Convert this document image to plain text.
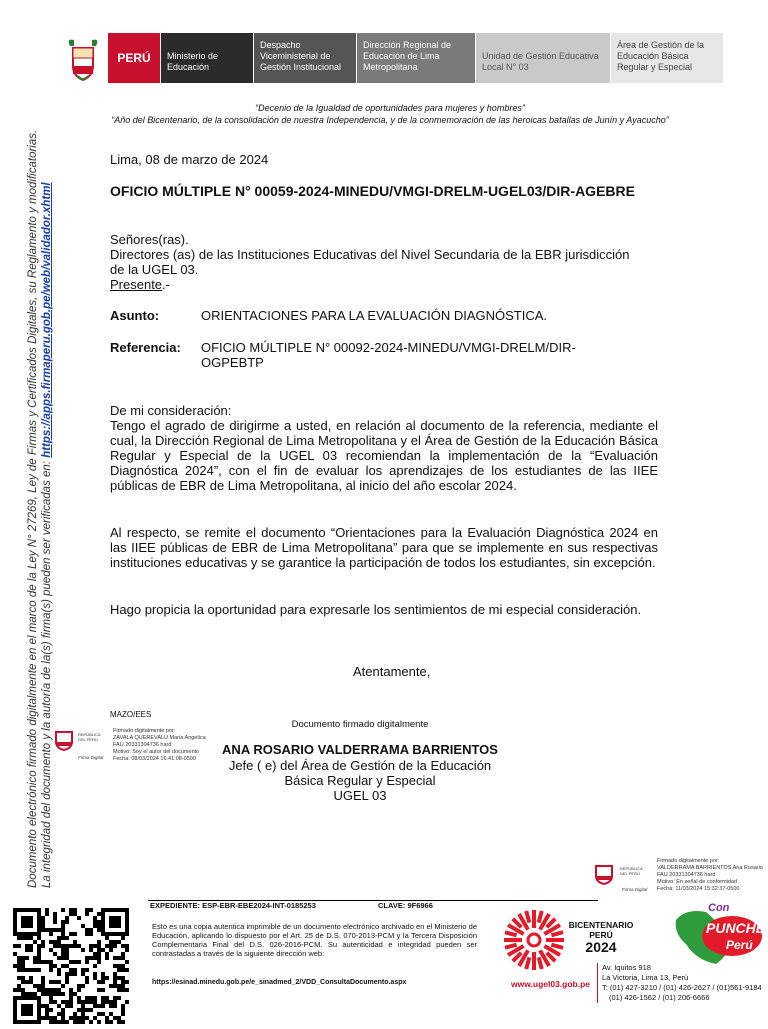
PERÚ	Ministerio de Educación
Despacho Viceministerial de Gestión Institucional
Dirección Regional de Educación de Lima Metropolitana
Unidad de Gestión Educativa Local N° 03
Área de Gestión de la Educación Básica Regular y Especial
“Decenio de la Igualdad de oportunidades para mujeres y hombres”
“Año del Bicentenario, de la consolidación de nuestra Independencia, y de la conmemoración de las heroicas batallas de Junín y Ayacucho”
Documento electrónico firmado digitalmente en el marco de la Ley N° 27269, Ley de Firmas y Certificados Digitales, su Reglamento y modificatorias. La integridad del documento y la autoría de la(s) firma(s) pueden ser verificadas en: https://apps.firmaperu.gob.pe/web/validador.xhtml
Lima, 08 de marzo de 2024
OFICIO MÚLTIPLE N° 00059-2024-MINEDU/VMGI-DRELM-UGEL03/DIR-AGEBRE
Señores(ras).
Directores (as) de las Instituciones Educativas del Nivel Secundaria de la EBR jurisdicción de la UGEL 03.
Presente.-
Asunto:	ORIENTACIONES PARA LA EVALUACIÓN DIAGNÓSTICA.
Referencia: OFICIO MÚLTIPLE N° 00092-2024-MINEDU/VMGI-DRELM/DIR-OGPEBTP
De mi consideración:
Tengo el agrado de dirigirme a usted, en relación al documento de la referencia, mediante el cual, la Dirección Regional de Lima Metropolitana y el Área de Gestión de la Educación Básica Regular y Especial de la UGEL 03 recomiendan la implementación de la “Evaluación Diagnóstica 2024”, con el fin de evaluar los aprendizajes de los estudiantes de las IIEE públicas de EBR de Lima Metropolitana, al inicio del año escolar 2024.
Al respecto, se remite el documento “Orientaciones para la Evaluación Diagnóstica 2024 en las IIEE públicas de EBR de Lima Metropolitana” para que se implemente en sus respectivas instituciones educativas y se garantice la participación de todos los estudiantes, sin excepción.
Hago propicia la oportunidad para expresarle los sentimientos de mi especial consideración.
Atentamente,
MAZO/EES
Documento firmado digitalmente
ANA ROSARIO VALDERRAMA BARRIENTOS
Jefe ( e) del Área de Gestión de la Educación
Básica Regular y Especial
UGEL 03
REPÚBLICA DEL PERÚ
Firma Digital
Firmado digitalmente por:
ZAVALA QUEREVALU Maria Angelica
FAU 20331304736 hard
Motivo: Soy el autor del documento
Fecha: 08/03/2024 16:41:08-0500
REPÚBLICA DEL PERÚ
Firma Digital
Firmado digitalmente por:
VALDERRAMA BARRIENTOS Ana Rosario
FAU 20331304736 hard
Motivo: En señal de conformidad
Fecha: 11/03/2024 15:32:37-0500
EXPEDIENTE: ESP-EBR-EBE2024-INT-0185253	CLAVE: 9F6966
Esto es una copia autentica imprimible de un documento electrónico archivado en el Ministerio de Educación, aplicando lo dispuesto por el Art. 25 de D.S. 070-2013-PCM y la Tercera Disposición Complementaria Final del D.S. 026-2016-PCM. Su autenticidad e integridad pueden ser contrastadas a través de la siguiente dirección web:
https://esinad.minedu.gob.pe/e_sinadmed_2/VDD_ConsultaDocumento.aspx
BICENTENARIO
PERÚ
2024
Con
PUNCHE
Perú
www.ugel03.gob.pe
Av. Iquitos 918
La Victoria, Lima 13, Perú
T: (01) 427-3210 / (01) 426-2627 / (01)561-9184
(01) 426-1562 / (01) 206-6666
